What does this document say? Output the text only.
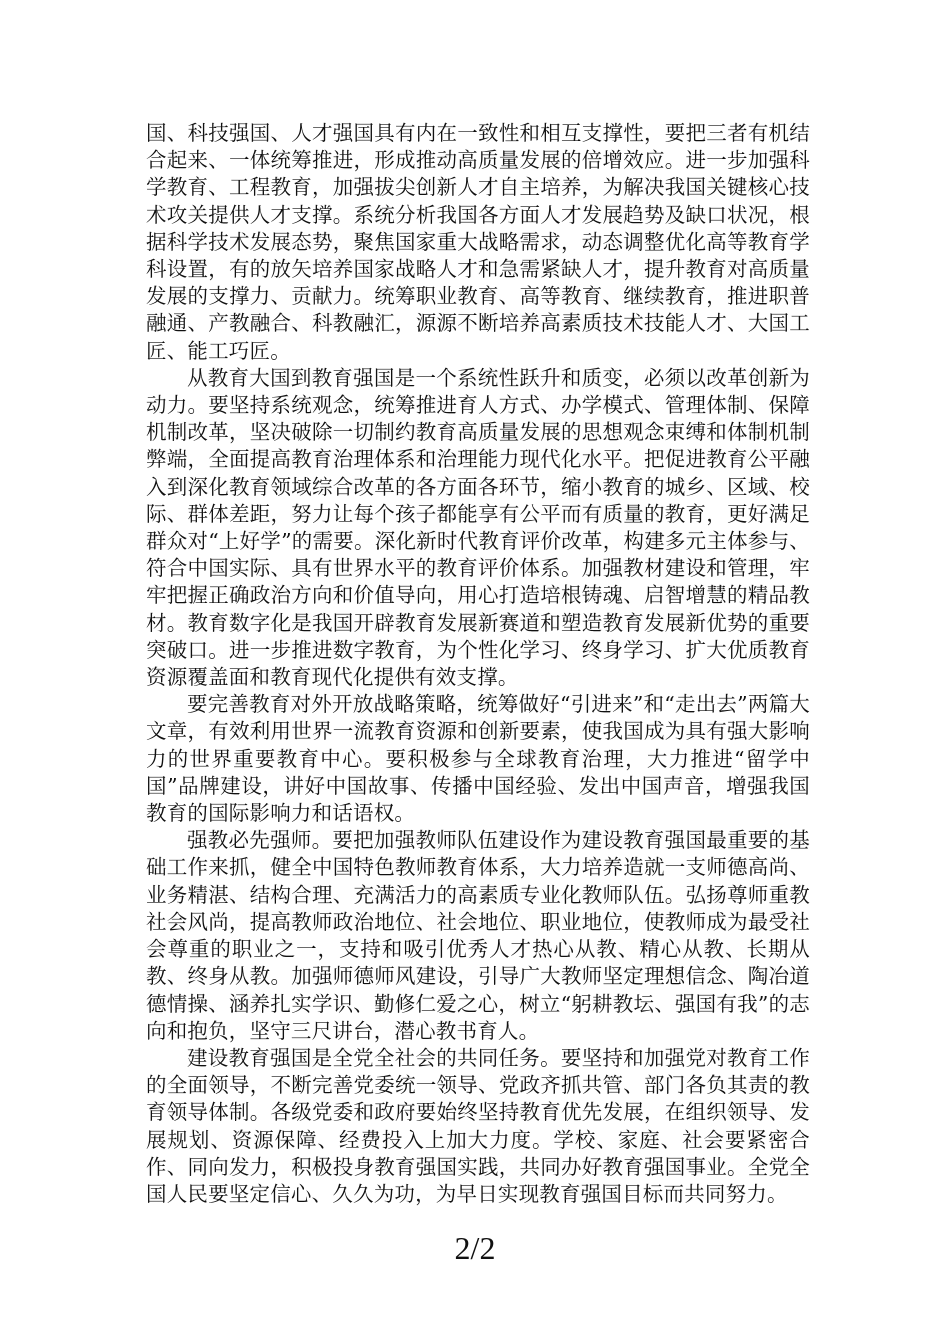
国、科技强国、人才强国具有内在一致性和相互支撑性，要把三者有机结合起来、一体统筹推进，形成推动高质量发展的倍增效应。进一步加强科学教育、工程教育，加强拔尖创新人才自主培养，为解决我国关键核心技术攻关提供人才支撑。系统分析我国各方面人才发展趋势及缺口状况，根据科学技术发展态势，聚焦国家重大战略需求，动态调整优化高等教育学科设置，有的放矢培养国家战略人才和急需紧缺人才，提升教育对高质量发展的支撑力、贡献力。统筹职业教育、高等教育、继续教育，推进职普融通、产教融合、科教融汇，源源不断培养高素质技术技能人才、大国工匠、能工巧匠。

从教育大国到教育强国是一个系统性跃升和质变，必须以改革创新为动力。要坚持系统观念，统筹推进育人方式、办学模式、管理体制、保障机制改革，坚决破除一切制约教育高质量发展的思想观念束缚和体制机制弊端，全面提高教育治理体系和治理能力现代化水平。把促进教育公平融入到深化教育领域综合改革的各方面各环节，缩小教育的城乡、区域、校际、群体差距，努力让每个孩子都能享有公平而有质量的教育，更好满足群众对“上好学”的需要。深化新时代教育评价改革，构建多元主体参与、符合中国实际、具有世界水平的教育评价体系。加强教材建设和管理，牢牢把握正确政治方向和价值导向，用心打造培根铸魂、启智增慧的精品教材。教育数字化是我国开辟教育发展新赛道和塑造教育发展新优势的重要突破口。进一步推进数字教育，为个性化学习、终身学习、扩大优质教育资源覆盖面和教育现代化提供有效支撑。

要完善教育对外开放战略策略，统筹做好“引进来”和“走出去”两篇大文章，有效利用世界一流教育资源和创新要素，使我国成为具有强大影响力的世界重要教育中心。要积极参与全球教育治理，大力推进“留学中国”品牌建设，讲好中国故事、传播中国经验、发出中国声音，增强我国教育的国际影响力和话语权。

强教必先强师。要把加强教师队伍建设作为建设教育强国最重要的基础工作来抓，健全中国特色教师教育体系，大力培养造就一支师德高尚、业务精湛、结构合理、充满活力的高素质专业化教师队伍。弘扬尊师重教社会风尚，提高教师政治地位、社会地位、职业地位，使教师成为最受社会尊重的职业之一，支持和吸引优秀人才热心从教、精心从教、长期从教、终身从教。加强师德师风建设，引导广大教师坚定理想信念、陶冶道德情操、涵养扎实学识、勤修仁爱之心，树立“躬耕教坛、强国有我”的志向和抱负，坚守三尺讲台，潜心教书育人。

建设教育强国是全党全社会的共同任务。要坚持和加强党对教育工作的全面领导，不断完善党委统一领导、党政齐抓共管、部门各负其责的教育领导体制。各级党委和政府要始终坚持教育优先发展，在组织领导、发展规划、资源保障、经费投入上加大力度。学校、家庭、社会要紧密合作、同向发力，积极投身教育强国实践，共同办好教育强国事业。全党全国人民要坚定信心、久久为功，为早日实现教育强国目标而共同努力。

2/2
